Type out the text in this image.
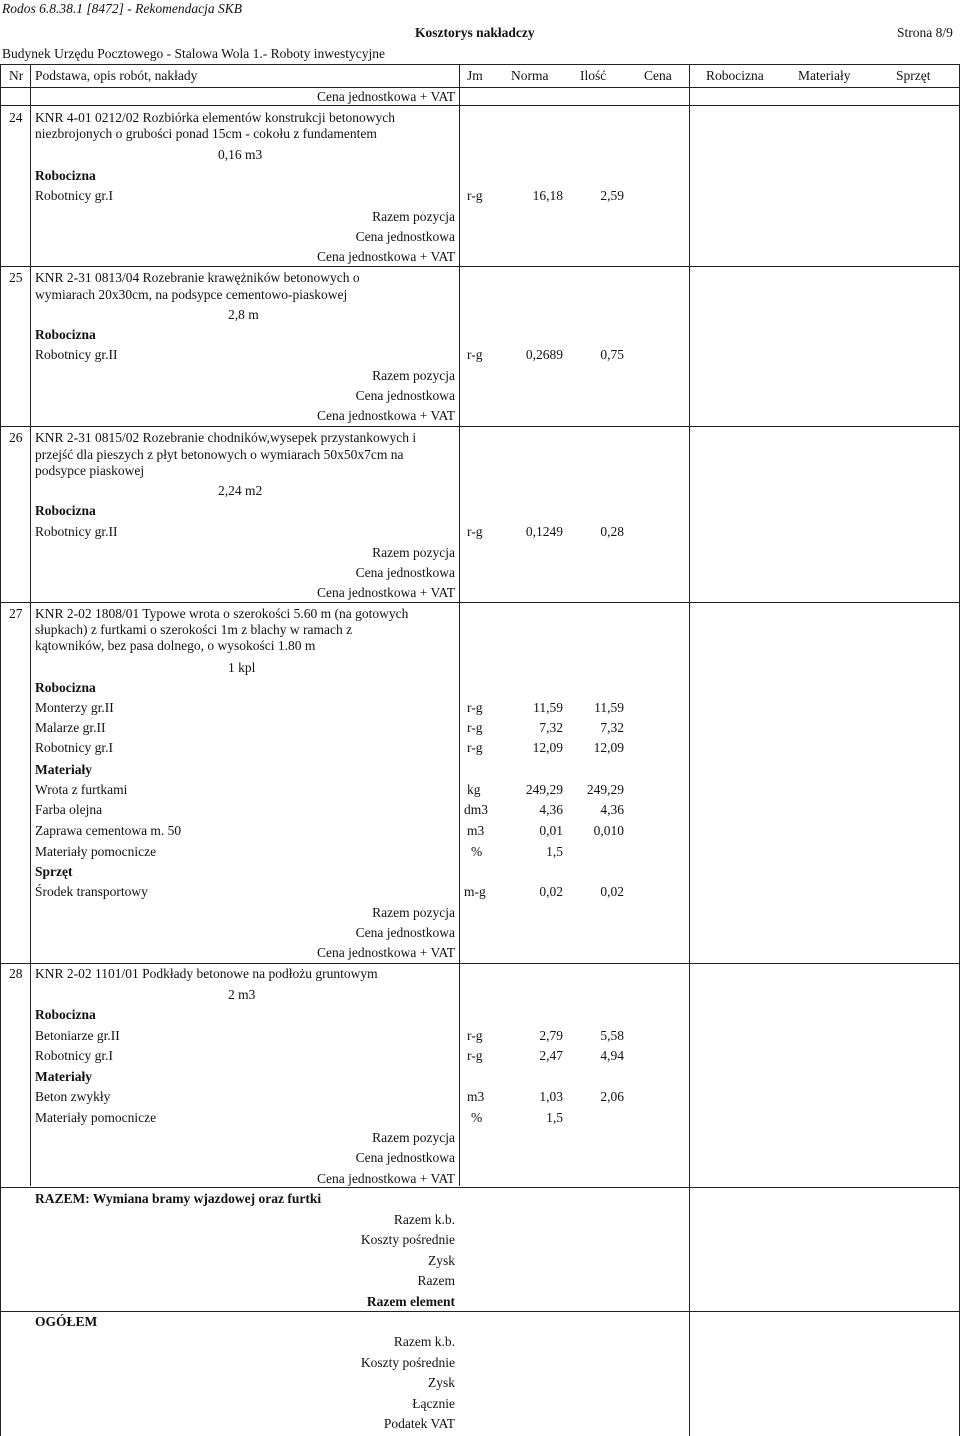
Rodos 6.8.38.1 [8472] - Rekomendacja SKB
Kosztorys nakładczy	Strona 8/9
Budynek Urzędu Pocztowego - Stalowa Wola 1.- Roboty inwestycyjne
Nr Podstawa, opis robót, nakłady	Jm Norma Ilość	Cena	Robocizna	Materiały	Sprzęt
Cena jednostkowa + VAT
24 KNR 4-01 0212/02 Rozbiórka elementów konstrukcji betonowych
niezbrojonych o grubości ponad 15cm - cokołu z fundamentem
0,16 m3
Robocizna
Robotnicy gr.I	r-g	16,18	2,59
Razem pozycja
Cena jednostkowa
Cena jednostkowa + VAT
25 KNR 2-31 0813/04 Rozebranie krawężników betonowych o
wymiarach 20x30cm, na podsypce cementowo-piaskowej
2,8 m
Robocizna
Robotnicy gr.II	r-g	0,2689	0,75
Razem pozycja
Cena jednostkowa
Cena jednostkowa + VAT
26 KNR 2-31 0815/02 Rozebranie chodników,wysepek przystankowych i
przejść dla pieszych z płyt betonowych o wymiarach 50x50x7cm na
podsypce piaskowej
2,24 m2
Robocizna
Robotnicy gr.II	r-g	0,1249	0,28
Razem pozycja
Cena jednostkowa
Cena jednostkowa + VAT
27 KNR 2-02 1808/01 Typowe wrota o szerokości 5.60 m (na gotowych
słupkach) z furtkami o szerokości 1m z blachy w ramach z
kątowników, bez pasa dolnego, o wysokości 1.80 m
1 kpl
Robocizna
Monterzy gr.II	r-g	11,59 11,59
Malarze gr.II	r-g	7,32	7,32
Robotnicy gr.I	r-g	12,09 12,09
Materiały
Wrota z furtkami	kg	249,29 249,29
Farba olejna	dm3	4,36	4,36
Zaprawa cementowa m. 50	m3	0,01 0,010
Materiały pomocnicze	%	1,5
Sprzęt
Środek transportowy	m-g	0,02	0,02
Razem pozycja
Cena jednostkowa
Cena jednostkowa + VAT
28 KNR 2-02 1101/01 Podkłady betonowe na podłożu gruntowym
2 m3
Robocizna
Betoniarze gr.II	r-g	2,79	5,58
Robotnicy gr.I	r-g	2,47	4,94
Materiały
Beton zwykły	m3	1,03	2,06
Materiały pomocnicze	%	1,5
Razem pozycja
Cena jednostkowa
Cena jednostkowa + VAT
RAZEM: Wymiana bramy wjazdowej oraz furtki
Razem k.b.
Koszty pośrednie
Zysk
Razem
Razem element
OGÓŁEM
Razem k.b.
Koszty pośrednie
Zysk
Łącznie
Podatek VAT
